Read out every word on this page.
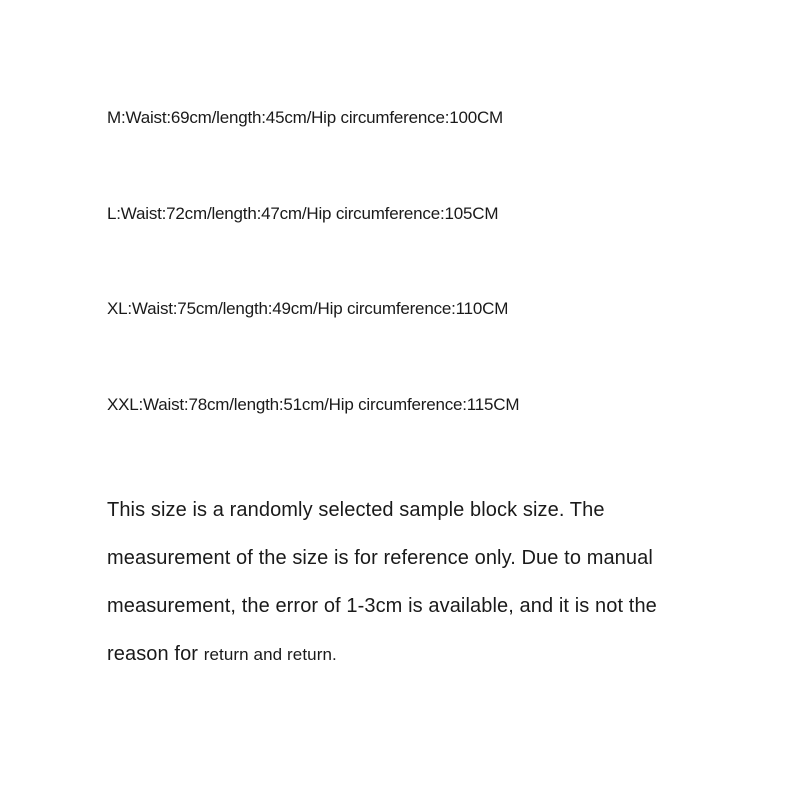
M:Waist:69cm/length:45cm/Hip circumference:100CM
L:Waist:72cm/length:47cm/Hip circumference:105CM
XL:Waist:75cm/length:49cm/Hip circumference:110CM
XXL:Waist:78cm/length:51cm/Hip circumference:115CM
This size is a randomly selected sample block size. The
measurement of the size is for reference only. Due to manual
measurement, the error of 1-3cm is available, and it is not the
reason for return and return.
